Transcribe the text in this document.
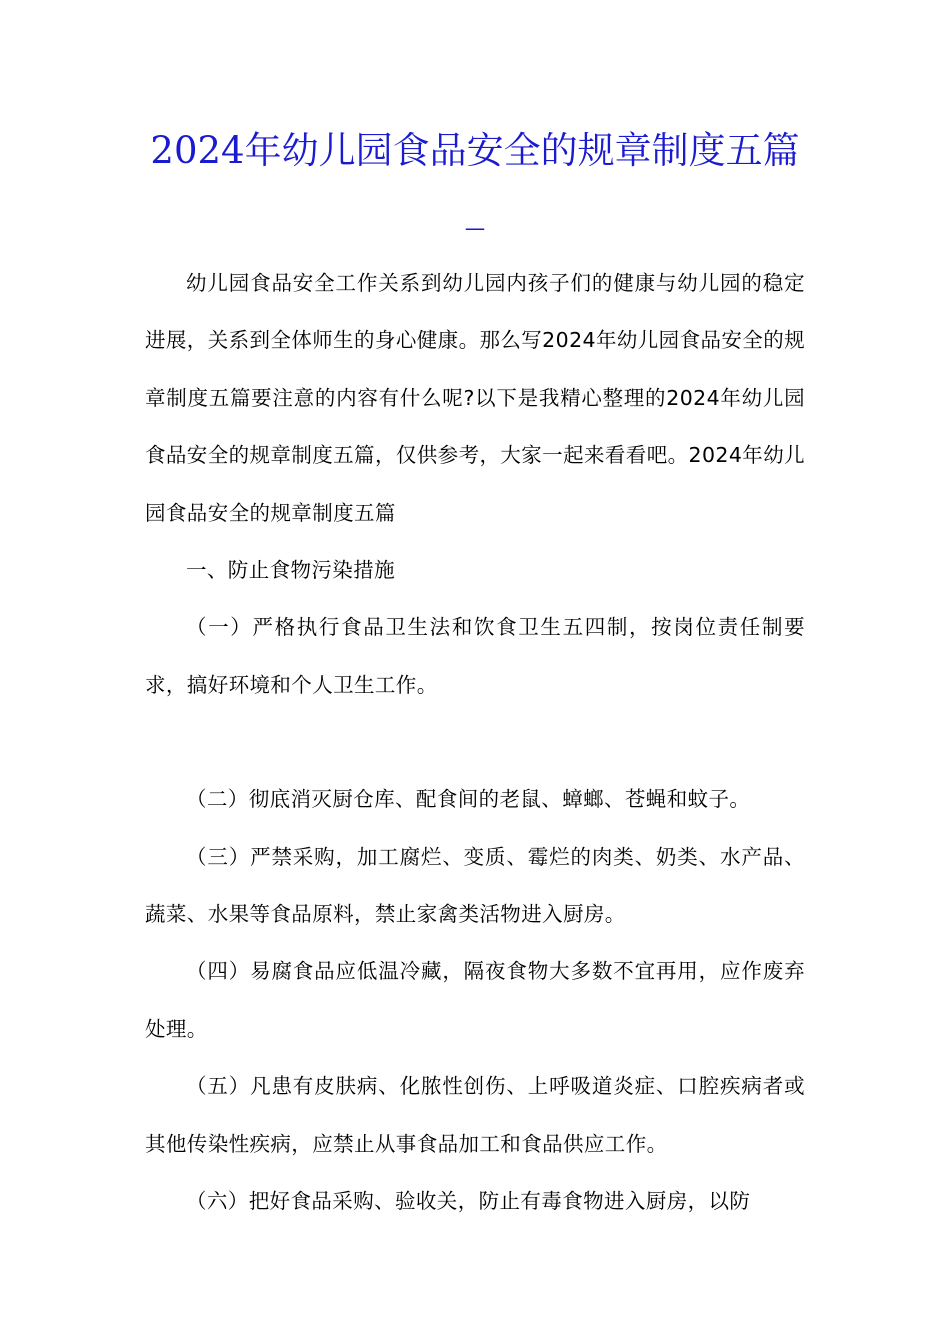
2024年幼儿园食品安全的规章制度五篇_

幼儿园食品安全工作关系到幼儿园内孩子们的健康与幼儿园的稳定进展，关系到全体师生的身心健康。那么写2024年幼儿园食品安全的规章制度五篇要注意的内容有什么呢?以下是我精心整理的2024年幼儿园食品安全的规章制度五篇，仅供参考，大家一起来看看吧。2024年幼儿园食品安全的规章制度五篇

一、防止食物污染措施

（一）严格执行食品卫生法和饮食卫生五四制，按岗位责任制要求，搞好环境和个人卫生工作。

（二）彻底消灭厨仓库、配食间的老鼠、蟑螂、苍蝇和蚊子。

（三）严禁采购，加工腐烂、变质、霉烂的肉类、奶类、水产品、蔬菜、水果等食品原料，禁止家禽类活物进入厨房。

（四）易腐食品应低温冷藏，隔夜食物大多数不宜再用，应作废弃处理。

（五）凡患有皮肤病、化脓性创伤、上呼吸道炎症、口腔疾病者或其他传染性疾病，应禁止从事食品加工和食品供应工作。

（六）把好食品采购、验收关，防止有毒食物进入厨房，以防
